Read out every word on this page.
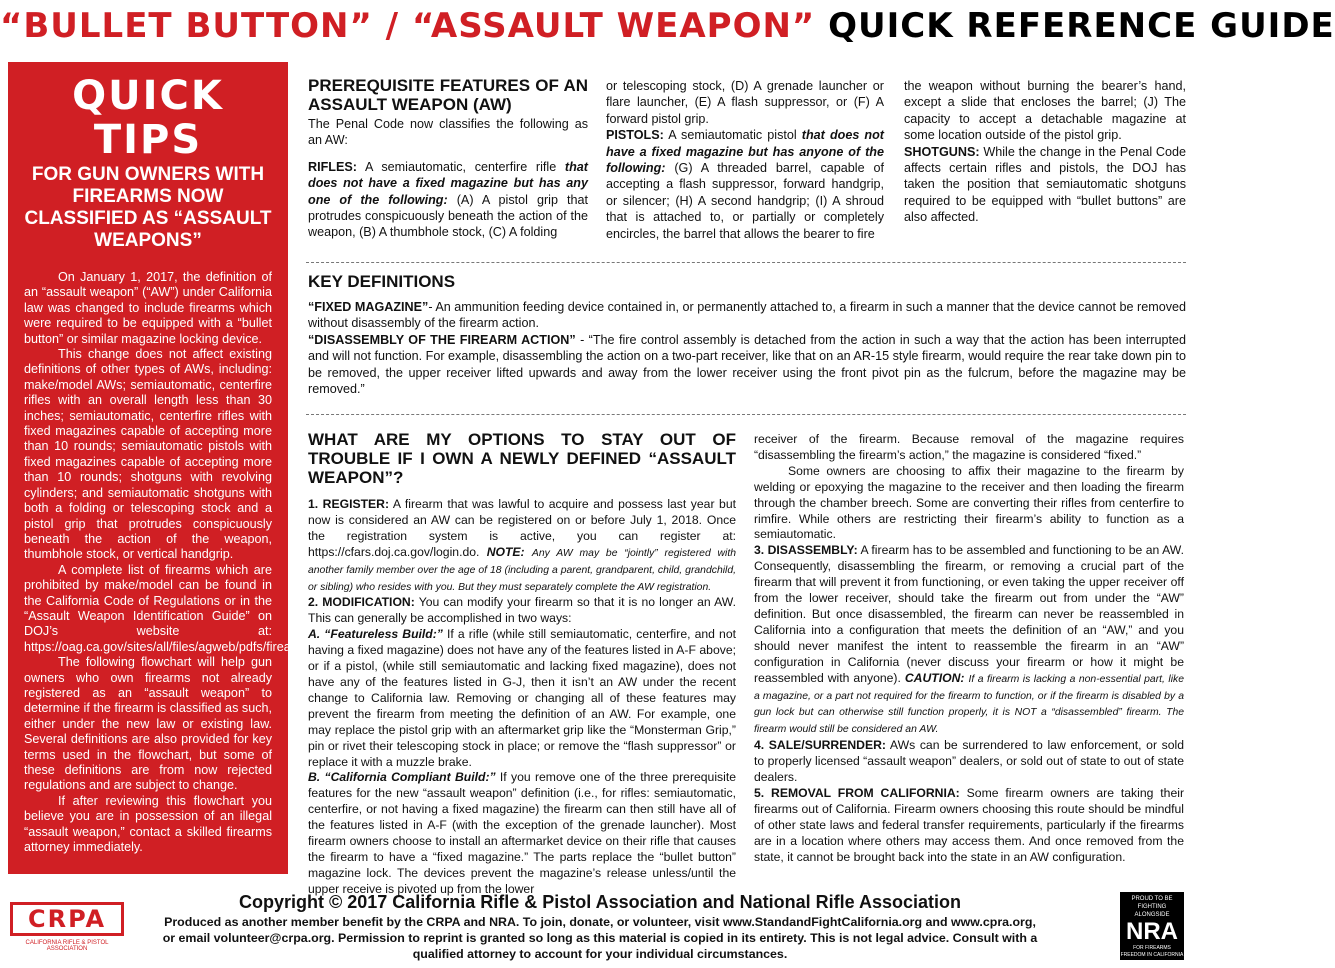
“BULLET BUTTON” / “ASSAULT WEAPON” QUICK REFERENCE GUIDE
QUICK TIPS
FOR GUN OWNERS WITH FIREARMS NOW CLASSIFIED AS “ASSAULT WEAPONS”

On January 1, 2017, the definition of an “assault weapon” (“AW”) under California law was changed to include firearms which were required to be equipped with a “bullet button” or similar magazine locking device.

This change does not affect existing definitions of other types of AWs, including: make/model AWs; semiautomatic, centerfire rifles with an overall length less than 30 inches; semiautomatic, centerfire rifles with fixed magazines capable of accepting more than 10 rounds; semiautomatic pistols with fixed magazines capable of accepting more than 10 rounds; shotguns with revolving cylinders; and semiautomatic shotguns with both a folding or telescoping stock and a pistol grip that protrudes conspicuously beneath the action of the weapon, thumbhole stock, or vertical handgrip.

A complete list of firearms which are prohibited by make/model can be found in the California Code of Regulations or in the “Assault Weapon Identification Guide” on DOJ’s website at: https://oag.ca.gov/sites/all/files/agweb/pdfs/firearms/forms/awguide.pdf.

The following flowchart will help gun owners who own firearms not already registered as an “assault weapon” to determine if the firearm is classified as such, either under the new law or existing law. Several definitions are also provided for key terms used in the flowchart, but some of these definitions are from now rejected regulations and are subject to change.

If after reviewing this flowchart you believe you are in possession of an illegal “assault weapon,” contact a skilled firearms attorney immediately.

PREREQUISITE FEATURES OF AN ASSAULT WEAPON (AW)

The Penal Code now classifies the following as an AW:

RIFLES: A semiautomatic, centerfire rifle that does not have a fixed magazine but has any one of the following: (A) A pistol grip that protrudes conspicuously beneath the action of the weapon, (B) A thumbhole stock, (C) A folding

or telescoping stock, (D) A grenade launcher or flare launcher, (E) A flash suppressor, or (F) A forward pistol grip.

PISTOLS: A semiautomatic pistol that does not have a fixed magazine but has anyone of the following: (G) A threaded barrel, capable of accepting a flash suppressor, forward handgrip, or silencer; (H) A second handgrip; (I) A shroud that is attached to, or partially or completely encircles, the barrel that allows the bearer to fire

the weapon without burning the bearer’s hand, except a slide that encloses the barrel; (J) The capacity to accept a detachable magazine at some location outside of the pistol grip.

SHOTGUNS: While the change in the Penal Code affects certain rifles and pistols, the DOJ has taken the position that semiautomatic shotguns required to be equipped with “bullet buttons” are also affected.

KEY DEFINITIONS

“FIXED MAGAZINE”- An ammunition feeding device contained in, or permanently attached to, a firearm in such a manner that the device cannot be removed without disassembly of the firearm action.

“DISASSEMBLY OF THE FIREARM ACTION” - “The fire control assembly is detached from the action in such a way that the action has been interrupted and will not function. For example, disassembling the action on a two-part receiver, like that on an AR-15 style firearm, would require the rear take down pin to be removed, the upper receiver lifted upwards and away from the lower receiver using the front pivot pin as the fulcrum, before the magazine may be removed.”

WHAT ARE MY OPTIONS TO STAY OUT OF TROUBLE IF I OWN A NEWLY DEFINED “ASSAULT WEAPON”?

1. REGISTER: A firearm that was lawful to acquire and possess last year but now is considered an AW can be registered on or before July 1, 2018. Once the registration system is active, you can register at: https://cfars.doj.ca.gov/login.do. NOTE: Any AW may be “jointly” registered with another family member over the age of 18 (including a parent, grandparent, child, grandchild, or sibling) who resides with you. But they must separately complete the AW registration.

2. MODIFICATION: You can modify your firearm so that it is no longer an AW. This can generally be accomplished in two ways:

A. “Featureless Build:” If a rifle (while still semiautomatic, centerfire, and not having a fixed magazine) does not have any of the features listed in A-F above; or if a pistol, (while still semiautomatic and lacking fixed magazine), does not have any of the features listed in G-J, then it isn’t an AW under the recent change to California law. Removing or changing all of these features may prevent the firearm from meeting the definition of an AW. For example, one may replace the pistol grip with an aftermarket grip like the “Monsterman Grip,” pin or rivet their telescoping stock in place; or remove the “flash suppressor” or replace it with a muzzle brake.

B. “California Compliant Build:” If you remove one of the three prerequisite features for the new “assault weapon” definition (i.e., for rifles: semiautomatic, centerfire, or not having a fixed magazine) the firearm can then still have all of the features listed in A-F (with the exception of the grenade launcher). Most firearm owners choose to install an aftermarket device on their rifle that causes the firearm to have a “fixed magazine.” The parts replace the “bullet button” magazine lock. The devices prevent the magazine’s release unless/until the upper receive is pivoted up from the lower

receiver of the firearm. Because removal of the magazine requires “disassembling the firearm’s action,” the magazine is considered “fixed.”

Some owners are choosing to affix their magazine to the firearm by welding or epoxying the magazine to the receiver and then loading the firearm through the chamber breech. Some are converting their rifles from centerfire to rimfire. While others are restricting their firearm’s ability to function as a semiautomatic.

3. DISASSEMBLY: A firearm has to be assembled and functioning to be an AW. Consequently, disassembling the firearm, or removing a crucial part of the firearm that will prevent it from functioning, or even taking the upper receiver off from the lower receiver, should take the firearm out from under the “AW” definition. But once disassembled, the firearm can never be reassembled in California into a configuration that meets the definition of an “AW,” and you should never manifest the intent to reassemble the firearm in an “AW” configuration in California (never discuss your firearm or how it might be reassembled with anyone). CAUTION: If a firearm is lacking a non-essential part, like a magazine, or a part not required for the firearm to function, or if the firearm is disabled by a gun lock but can otherwise still function properly, it is NOT a “disassembled” firearm. The firearm would still be considered an AW.

4. SALE/SURRENDER: AWs can be surrendered to law enforcement, or sold to properly licensed “assault weapon” dealers, or sold out of state to out of state dealers.

5. REMOVAL FROM CALIFORNIA: Some firearm owners are taking their firearms out of California. Firearm owners choosing this route should be mindful of other state laws and federal transfer requirements, particularly if the firearms are in a location where others may access them. And once removed from the state, it cannot be brought back into the state in an AW configuration.

CRPA
CALIFORNIA RIFLE & PISTOL ASSOCIATION
Copyright © 2017 California Rifle & Pistol Association and National Rifle Association
Produced as another member benefit by the CRPA and NRA. To join, donate, or volunteer, visit www.StandandFightCalifornia.org and www.cpra.org, or email volunteer@crpa.org. Permission to reprint is granted so long as this material is copied in its entirety. This is not legal advice. Consult with a qualified attorney to account for your individual circumstances.
PROUD TO BE FIGHTING ALONGSIDE
NRA
FOR FIREARMS FREEDOM IN CALIFORNIA
